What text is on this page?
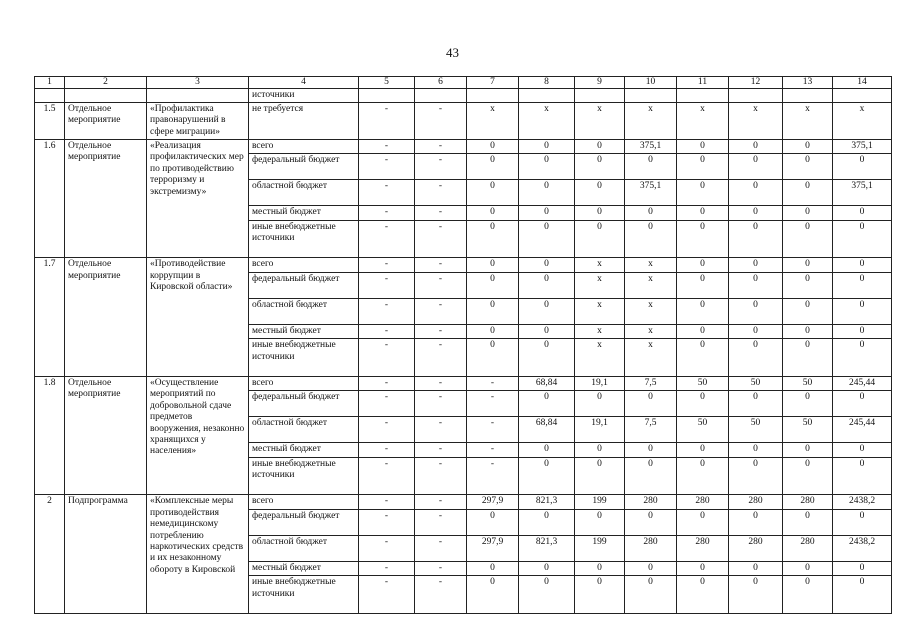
43
1	2	3	4	5	6	7	8	9	10	11	12	13	14
			источники										
1.5	Отдельное мероприятие	«Профилактика правонарушений в сфере миграции»	не требуется	-	-	x	x	x	x	x	x	x	x
1.6	Отдельное мероприятие	«Реализация профилактических мер по противодействию терроризму и экстремизму»	всего	-	-	0	0	0	375,1	0	0	0	375,1
			федеральный бюджет	-	-	0	0	0	0	0	0	0	0
			областной бюджет	-	-	0	0	0	375,1	0	0	0	375,1
			местный бюджет	-	-	0	0	0	0	0	0	0	0
			иные внебюджетные источники	-	-	0	0	0	0	0	0	0	0
1.7	Отдельное мероприятие	«Противодействие коррупции в Кировской области»	всего	-	-	0	0	x	x	0	0	0	0
			федеральный бюджет	-	-	0	0	x	x	0	0	0	0
			областной бюджет	-	-	0	0	x	x	0	0	0	0
			местный бюджет	-	-	0	0	x	x	0	0	0	0
			иные внебюджетные источники	-	-	0	0	x	x	0	0	0	0
1.8	Отдельное мероприятие	«Осуществление мероприятий по добровольной сдаче предметов вооружения, незаконно хранящихся у населения»	всего	-	-	-	68,84	19,1	7,5	50	50	50	245,44
			федеральный бюджет	-	-	-	0	0	0	0	0	0	0
			областной бюджет	-	-	-	68,84	19,1	7,5	50	50	50	245,44
			местный бюджет	-	-	-	0	0	0	0	0	0	0
			иные внебюджетные источники	-	-	-	0	0	0	0	0	0	0
2	Подпрограмма	«Комплексные меры противодействия немедицинскому потреблению наркотических средств и их незаконному обороту в Кировской	всего	-	-	297,9	821,3	199	280	280	280	280	2438,2
			федеральный бюджет	-	-	0	0	0	0	0	0	0	0
			областной бюджет	-	-	297,9	821,3	199	280	280	280	280	2438,2
			местный бюджет	-	-	0	0	0	0	0	0	0	0
			иные внебюджетные источники	-	-	0	0	0	0	0	0	0	0
